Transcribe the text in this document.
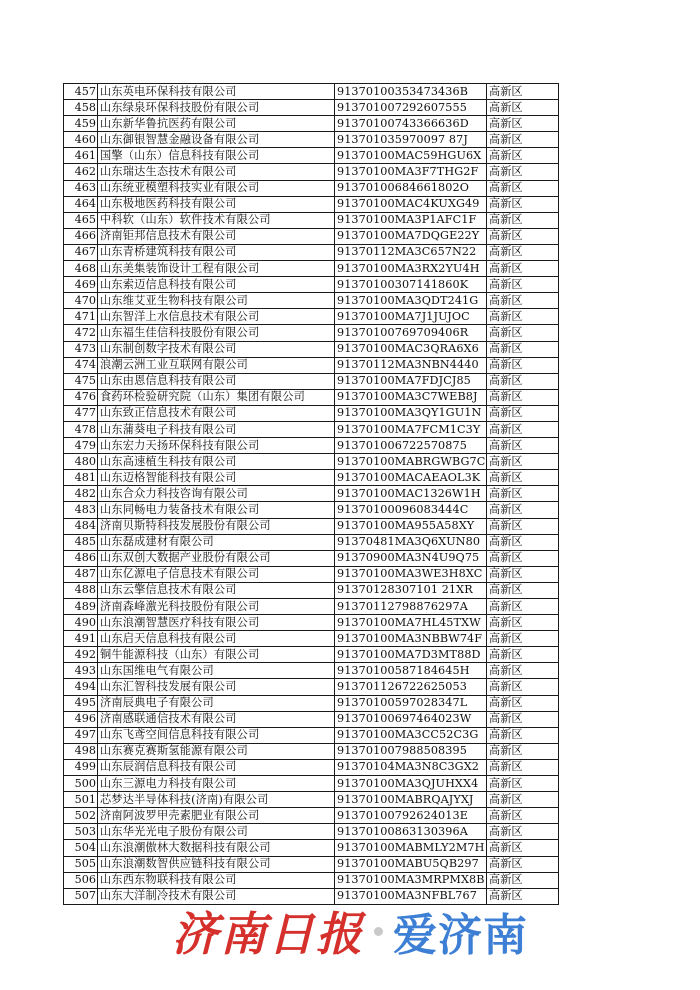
457	山东英电环保科技有限公司	91370100353473436B	高新区
458	山东绿泉环保科技股份有限公司	913701007292607555	高新区
459	山东新华鲁抗医药有限公司	91370100743366636D	高新区
460	山东御银智慧金融设备有限公司	913701035970097 87J	高新区
461	国擎（山东）信息科技有限公司	91370100MAC59HGU6X	高新区
462	山东瑞达生态技术有限公司	91370100MA3F7THG2F	高新区
463	山东统亚模塑科技实业有限公司	91370100684661802O	高新区
464	山东极地医药科技有限公司	91370100MAC4KUXG49	高新区
465	中科软（山东）软件技术有限公司	91370100MA3P1AFC1F	高新区
466	济南钜邦信息技术有限公司	91370100MA7DQGE22Y	高新区
467	山东青桥建筑科技有限公司	91370112MA3C657N22	高新区
468	山东美集装饰设计工程有限公司	91370100MA3RX2YU4H	高新区
469	山东索迈信息科技有限公司	91370100307141860K	高新区
470	山东维艾亚生物科技有限公司	91370100MA3QDT241G	高新区
471	山东智洋上水信息技术有限公司	91370100MA7J1JUJOC	高新区
472	山东福生佳信科技股份有限公司	91370100769709406R	高新区
473	山东制创数字技术有限公司	91370100MAC3QRA6X6	高新区
474	浪潮云洲工业互联网有限公司	91370112MA3NBN4440	高新区
475	山东由恩信息科技有限公司	91370100MA7FDJCJ85	高新区
476	食药环检验研究院（山东）集团有限公司	91370100MA3C7WEB8J	高新区
477	山东致正信息技术有限公司	91370100MA3QY1GU1N	高新区
478	山东蒲葵电子科技有限公司	91370100MA7FCM1C3Y	高新区
479	山东宏力天扬环保科技有限公司	913701006722570875	高新区
480	山东高速植生科技有限公司	91370100MABRGWBG7C	高新区
481	山东迈格智能科技有限公司	91370100MACAEAOL3K	高新区
482	山东合众力科技咨询有限公司	91370100MAC1326W1H	高新区
483	山东同畅电力装备技术有限公司	91370100096083444C	高新区
484	济南贝斯特科技发展股份有限公司	91370100MA955A58XY	高新区
485	山东磊成建材有限公司	91370481MA3Q6XUN80	高新区
486	山东双创大数据产业股份有限公司	91370900MA3N4U9Q75	高新区
487	山东亿源电子信息技术有限公司	91370100MA3WE3H8XC	高新区
488	山东云擎信息技术有限公司	91370128307101 21XR	高新区
489	济南森峰激光科技股份有限公司	91370112798876297A	高新区
490	山东浪潮智慧医疗科技有限公司	91370100MA7HL45TXW	高新区
491	山东启天信息科技有限公司	91370100MA3NBBW74F	高新区
492	铜牛能源科技（山东）有限公司	91370100MA7D3MT88D	高新区
493	山东国维电气有限公司	91370100587184645H	高新区
494	山东汇智科技发展有限公司	913701126722625053	高新区
495	济南辰典电子有限公司	91370100597028347L	高新区
496	济南感联通信技术有限公司	91370100697464023W	高新区
497	山东飞鸢空间信息科技有限公司	91370100MA3CC52C3G	高新区
498	山东赛克赛斯氢能源有限公司	913701007988508395	高新区
499	山东辰润信息科技有限公司	91370104MA3N8C3GX2	高新区
500	山东三源电力科技有限公司	91370100MA3QJUHXX4	高新区
501	芯梦达半导体科技(济南)有限公司	91370100MABRQAJYXJ	高新区
502	济南阿波罗甲壳素肥业有限公司	91370100792624013E	高新区
503	山东华光光电子股份有限公司	91370100863130396A	高新区
504	山东浪潮傲林大数据科技有限公司	91370100MABMLY2M7H	高新区
505	山东浪潮数智供应链科技有限公司	91370100MABU5QB297	高新区
506	山东西东物联科技有限公司	91370100MA3MRPMX8B	高新区
507	山东大洋制冷技术有限公司	91370100MA3NFBL767	高新区
济南日报 爱济南
